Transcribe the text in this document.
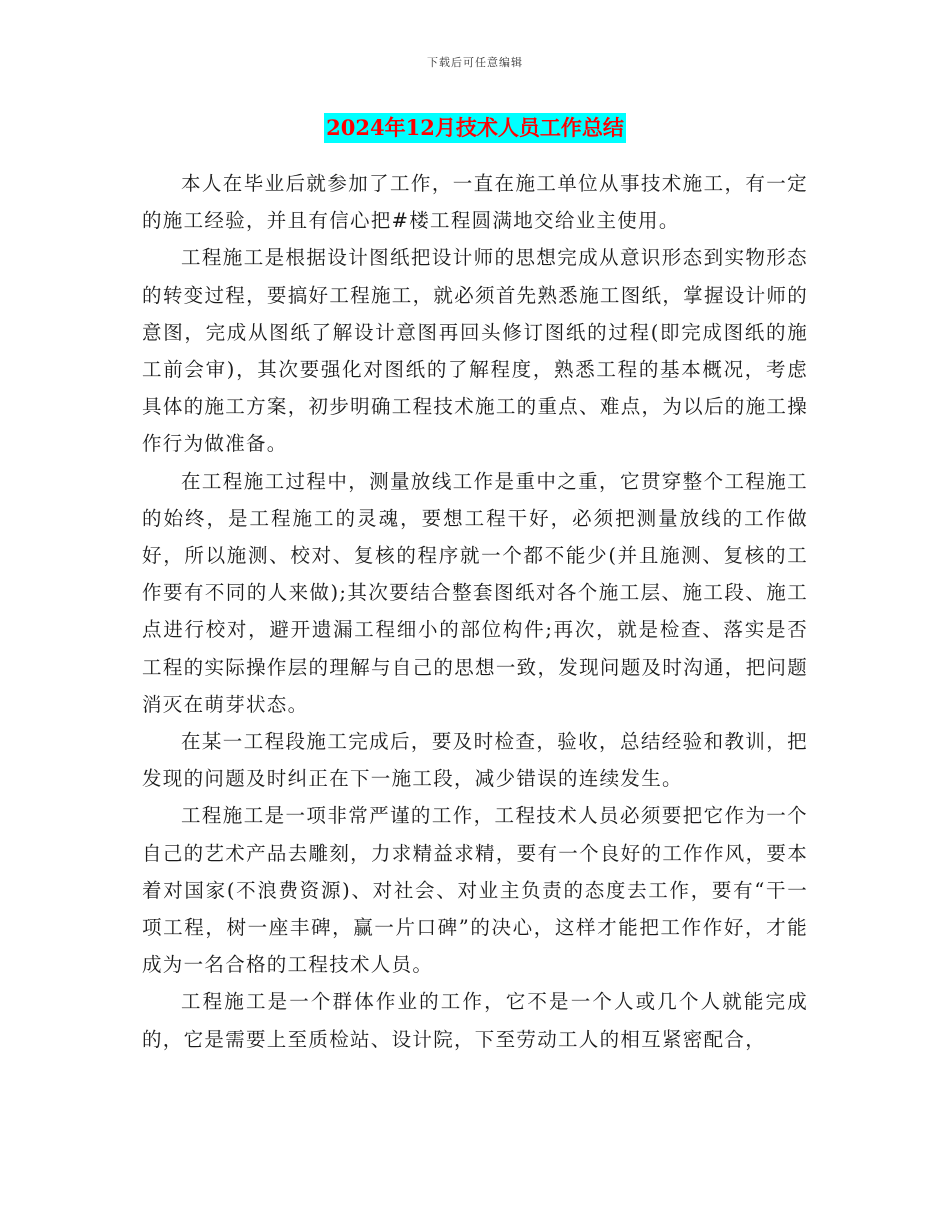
下载后可任意编辑
2024年12月技术人员工作总结

本人在毕业后就参加了工作，一直在施工单位从事技术施工，有一定的施工经验，并且有信心把#楼工程圆满地交给业主使用。

工程施工是根据设计图纸把设计师的思想完成从意识形态到实物形态的转变过程，要搞好工程施工，就必须首先熟悉施工图纸，掌握设计师的意图，完成从图纸了解设计意图再回头修订图纸的过程(即完成图纸的施工前会审)，其次要强化对图纸的了解程度，熟悉工程的基本概况，考虑具体的施工方案，初步明确工程技术施工的重点、难点，为以后的施工操作行为做准备。

在工程施工过程中，测量放线工作是重中之重，它贯穿整个工程施工的始终，是工程施工的灵魂，要想工程干好，必须把测量放线的工作做好，所以施测、校对、复核的程序就一个都不能少(并且施测、复核的工作要有不同的人来做);其次要结合整套图纸对各个施工层、施工段、施工点进行校对，避开遗漏工程细小的部位构件;再次，就是检查、落实是否工程的实际操作层的理解与自己的思想一致，发现问题及时沟通，把问题消灭在萌芽状态。

在某一工程段施工完成后，要及时检查，验收，总结经验和教训，把发现的问题及时纠正在下一施工段，减少错误的连续发生。

工程施工是一项非常严谨的工作，工程技术人员必须要把它作为一个自己的艺术产品去雕刻，力求精益求精，要有一个良好的工作作风，要本着对国家(不浪费资源)、对社会、对业主负责的态度去工作，要有“干一项工程，树一座丰碑，赢一片口碑”的决心，这样才能把工作作好，才能成为一名合格的工程技术人员。

工程施工是一个群体作业的工作，它不是一个人或几个人就能完成的，它是需要上至质检站、设计院，下至劳动工人的相互紧密配合，
